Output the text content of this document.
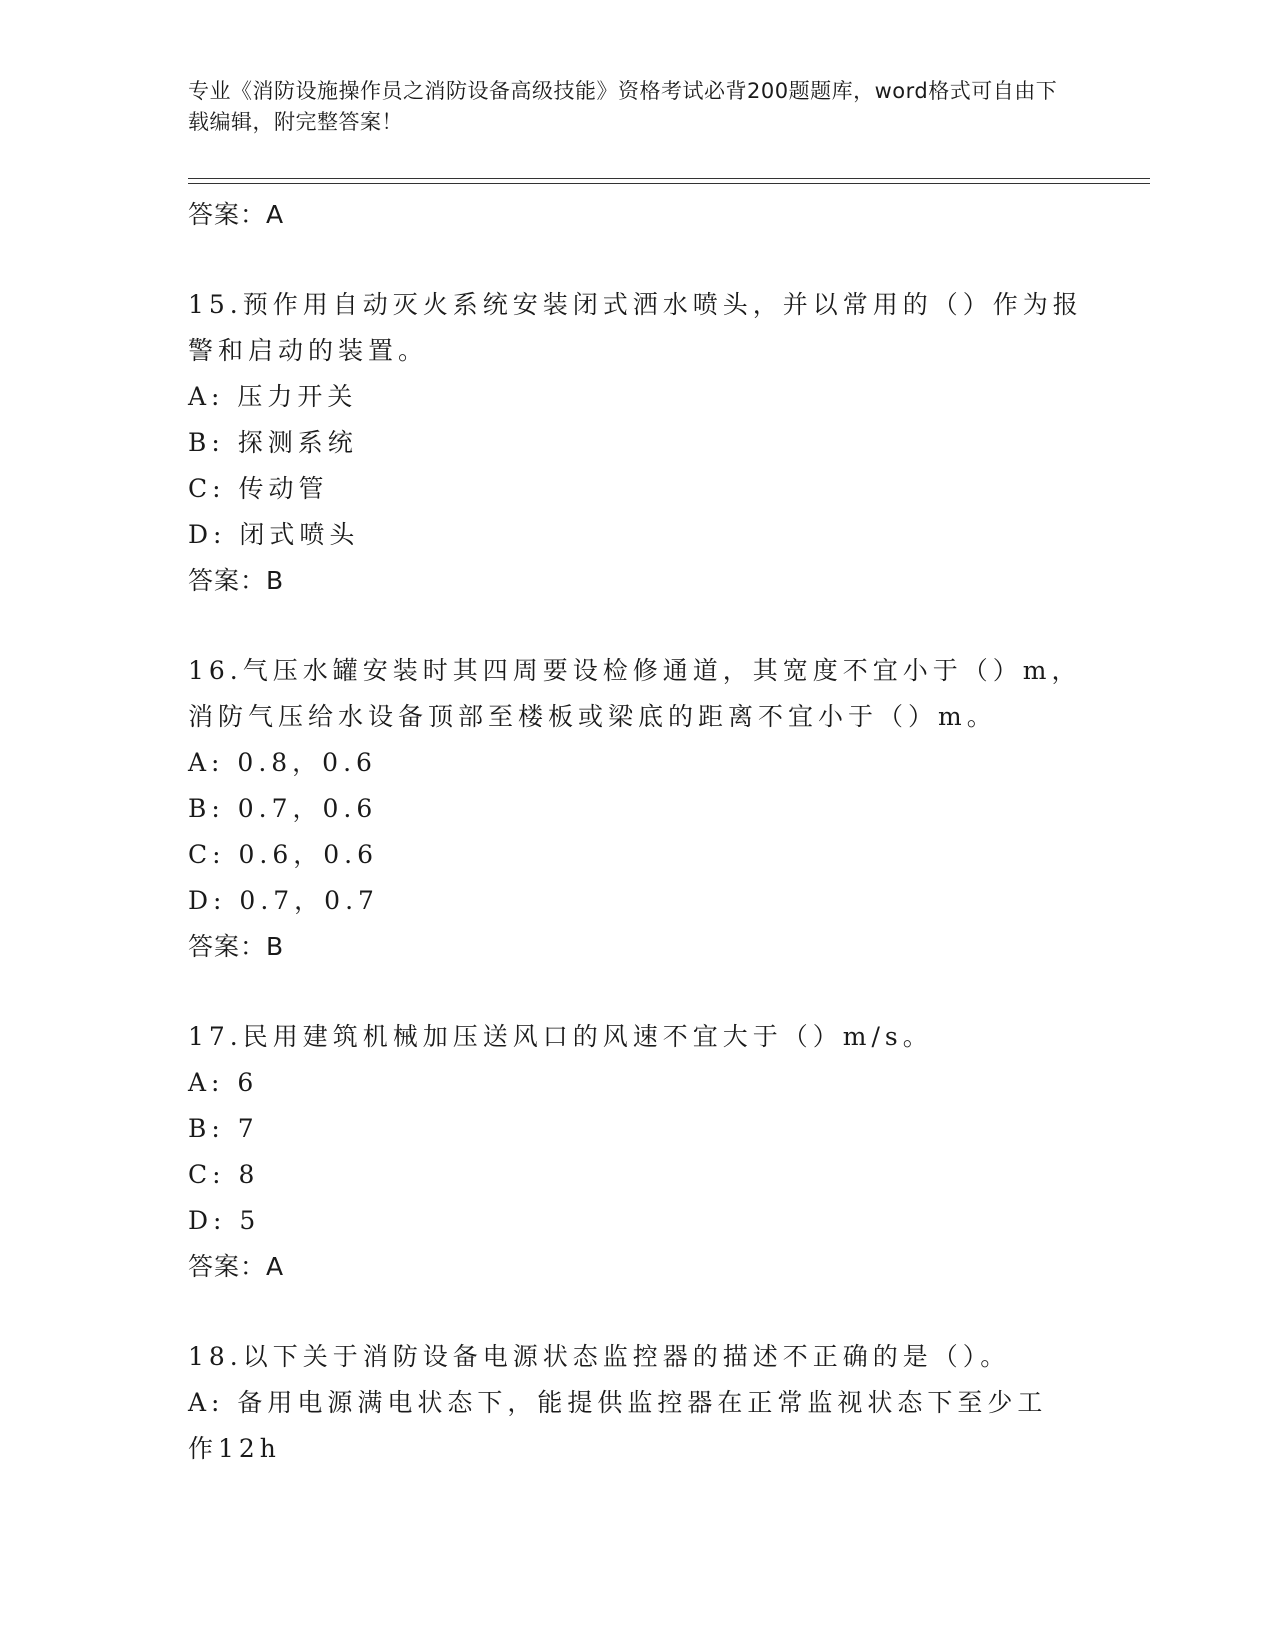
专业《消防设施操作员之消防设备高级技能》资格考试必背200题题库，word格式可自由下载编辑，附完整答案！
答案：A

15.预作用自动灭火系统安装闭式洒水喷头，并以常用的（）作为报警和启动的装置。

A: 压力开关
B: 探测系统
C: 传动管
D: 闭式喷头
答案：B

16.气压水罐安装时其四周要设检修通道，其宽度不宜小于（）m，消防气压给水设备顶部至楼板或梁底的距离不宜小于（）m。

A: 0.8，0.6
B: 0.7，0.6
C: 0.6，0.6
D: 0.7，0.7
答案：B

17.民用建筑机械加压送风口的风速不宜大于（）m/s。

A: 6
B: 7
C: 8
D: 5
答案：A

18.以下关于消防设备电源状态监控器的描述不正确的是（）。

A: 备用电源满电状态下，能提供监控器在正常监视状态下至少工作12h
